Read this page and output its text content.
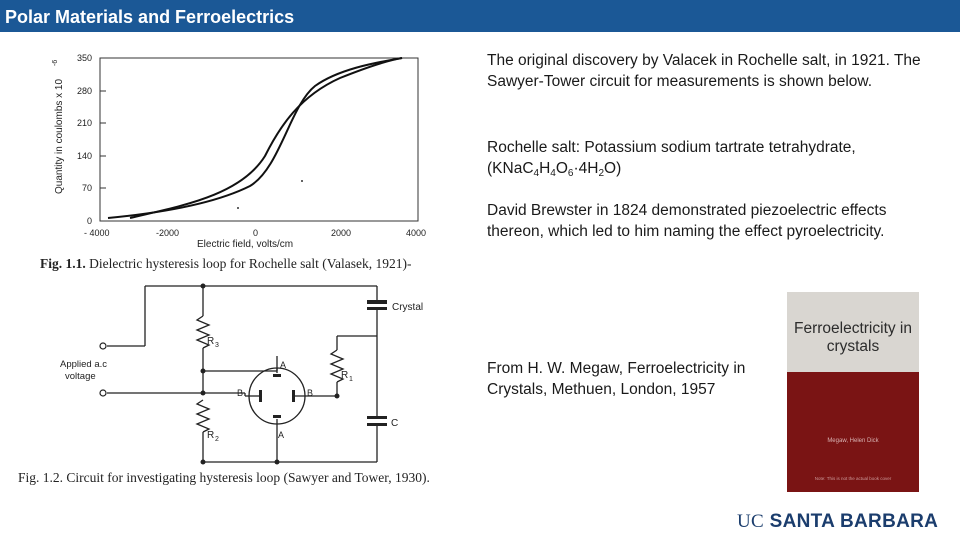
Polar Materials and Ferroelectrics
0
70
140
210
280
350
Quantity in coulombs x 10
-6
- 4000	-2000	0	2000	4000
Electric field, volts/cm
Fig. 1.1. Dielectric hysteresis loop for Rochelle salt (Valasek, 1921)-
Crystal
R 3
R 2
R 1
C
A
A
B	B
Applied a.c
voltage
Fig. 1.2. Circuit for investigating hysteresis loop (Sawyer and Tower, 1930).
The original discovery by Valacek in Rochelle salt, in 1921. The Sawyer-Tower circuit for measurements is shown below.
Rochelle salt: Potassium sodium tartrate tetrahydrate,
$(KNaC_4H_4O_6\cdot 4H_2O)$
David Brewster in 1824 demonstrated piezoelectric effects thereon, which led to him naming the effect pyroelectricity.
From H. W. Megaw, Ferroelectricity in Crystals, Methuen, London, 1957
Ferroelectricity in crystals
Megaw, Helen Dick
Note: This is not the actual book cover
UC SANTA BARBARA
